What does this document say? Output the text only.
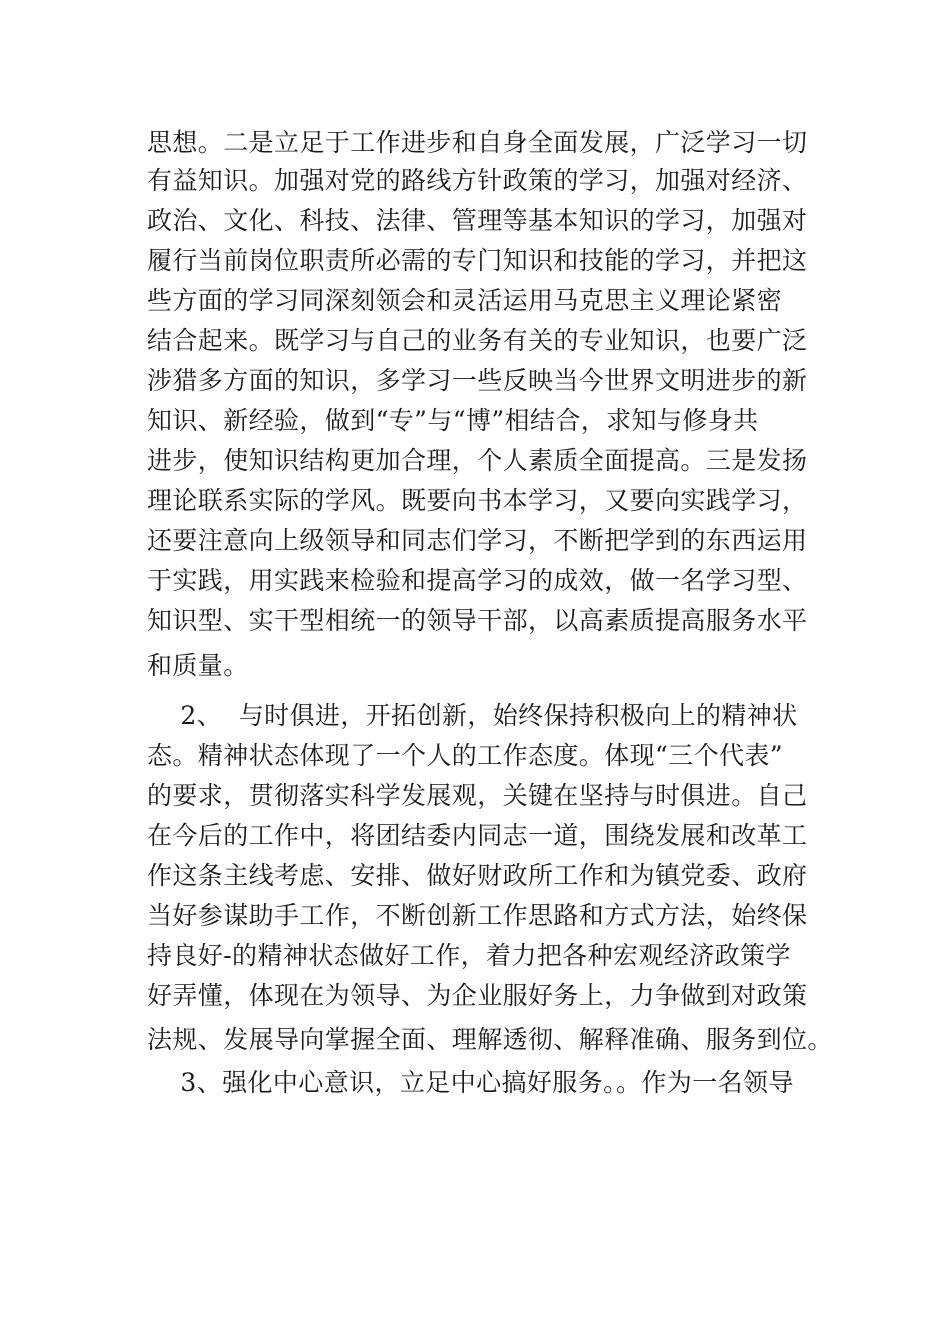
思想。二是立足于工作进步和自身全面发展，广泛学习一切
有益知识。加强对党的路线方针政策的学习，加强对经济、
政治、文化、科技、法律、管理等基本知识的学习，加强对
履行当前岗位职责所必需的专门知识和技能的学习，并把这
些方面的学习同深刻领会和灵活运用马克思主义理论紧密
结合起来。既学习与自己的业务有关的专业知识，也要广泛
涉猎多方面的知识，多学习一些反映当今世界文明进步的新
知识、新经验，做到“专”与“博”相结合，求知与修身共
进步，使知识结构更加合理，个人素质全面提高。三是发扬
理论联系实际的学风。既要向书本学习，又要向实践学习，
还要注意向上级领导和同志们学习，不断把学到的东西运用
于实践，用实践来检验和提高学习的成效，做一名学习型、
知识型、实干型相统一的领导干部，以高素质提高服务水平
和质量。
2、  与时俱进，开拓创新，始终保持积极向上的精神状
态。精神状态体现了一个人的工作态度。体现“三个代表”
的要求，贯彻落实科学发展观，关键在坚持与时俱进。自己
在今后的工作中，将团结委内同志一道，围绕发展和改革工
作这条主线考虑、安排、做好财政所工作和为镇党委、政府
当好参谋助手工作，不断创新工作思路和方式方法，始终保
持良好-的精神状态做好工作，着力把各种宏观经济政策学
好弄懂，体现在为领导、为企业服好务上，力争做到对政策
法规、发展导向掌握全面、理解透彻、解释准确、服务到位。
3、强化中心意识，立足中心搞好服务。。作为一名领导
